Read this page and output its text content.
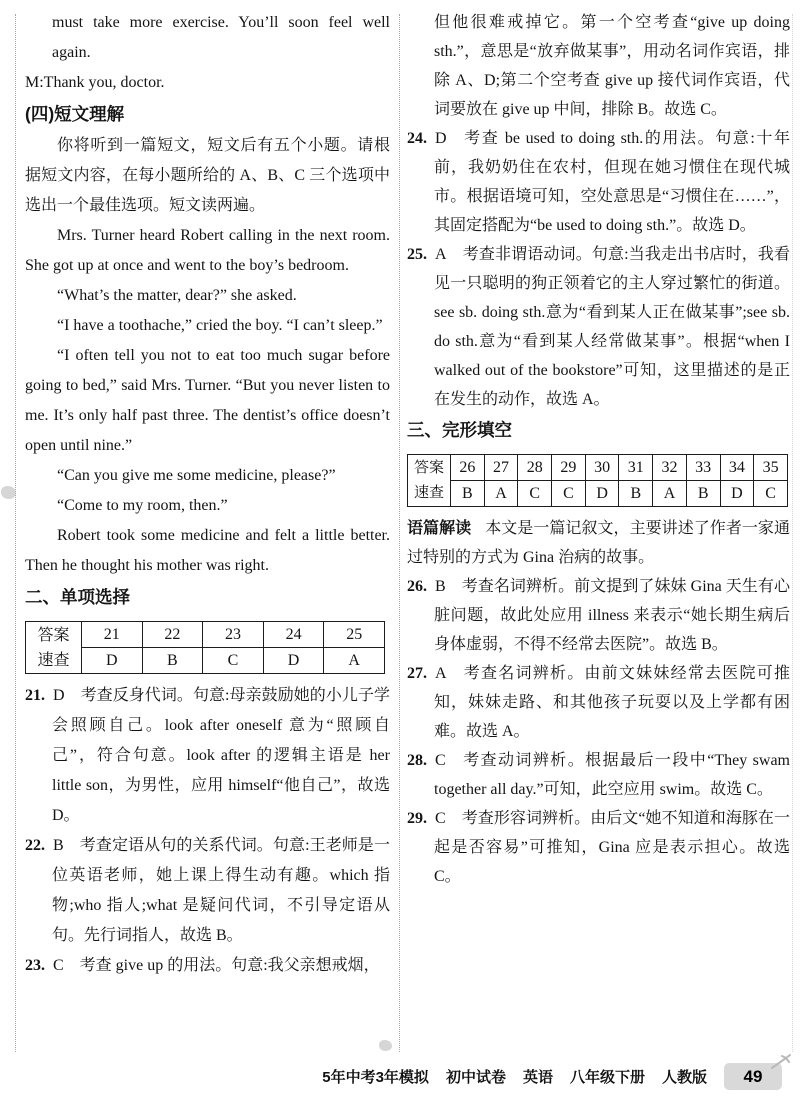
must take more exercise. You’ll soon feel well again.

M:Thank you, doctor.

(四)短文理解

你将听到一篇短文，短文后有五个小题。请根据短文内容，在每小题所给的 A、B、C 三个选项中选出一个最佳选项。短文读两遍。

Mrs. Turner heard Robert calling in the next room. She got up at once and went to the boy’s bedroom.

“What’s the matter, dear?” she asked.

“I have a toothache,” cried the boy. “I can’t sleep.”

“I often tell you not to eat too much sugar before going to bed,” said Mrs. Turner. “But you never listen to me. It’s only half past three. The dentist’s office doesn’t open until nine.”

“Can you give me some medicine, please?”

“Come to my room, then.”

Robert took some medicine and felt a little better. Then he thought his mother was right.

二、单项选择
答案
速查	21	22	23	24	25
	D	B	C	D	A

21. D 考查反身代词。句意:母亲鼓励她的小儿子学会照顾自己。look after oneself 意为“照顾自己”，符合句意。look after 的逻辑主语是 her little son，为男性，应用 himself“他自己”，故选 D。

22. B 考查定语从句的关系代词。句意:王老师是一位英语老师，她上课上得生动有趣。which 指物;who 指人;what 是疑问代词，不引导定语从句。先行词指人，故选 B。

23. C 考查 give up 的用法。句意:我父亲想戒烟，

但他很难戒掉它。第一个空考查“give up doing sth.”，意思是“放弃做某事”，用动名词作宾语，排除 A、D;第二个空考查 give up 接代词作宾语，代词要放在 give up 中间，排除 B。故选 C。

24. D 考查 be used to doing sth.的用法。句意:十年前，我奶奶住在农村，但现在她习惯住在现代城市。根据语境可知，空处意思是“习惯住在……”，其固定搭配为“be used to doing sth.”。故选 D。

25. A 考查非谓语动词。句意:当我走出书店时，我看见一只聪明的狗正领着它的主人穿过繁忙的街道。see sb. doing sth.意为“看到某人正在做某事”;see sb. do sth.意为“看到某人经常做某事”。根据“when I walked out of the bookstore”可知，这里描述的是正在发生的动作，故选 A。

三、完形填空
答案
速查	26	27	28	29	30	31	32	33	34	35
	B	A	C	C	D	B	A	B	D	C

语篇解读 本文是一篇记叙文，主要讲述了作者一家通过特别的方式为 Gina 治病的故事。

26. B 考查名词辨析。前文提到了妹妹 Gina 天生有心脏问题，故此处应用 illness 来表示“她长期生病后身体虚弱，不得不经常去医院”。故选 B。

27. A 考查名词辨析。由前文妹妹经常去医院可推知，妹妹走路、和其他孩子玩耍以及上学都有困难。故选 A。

28. C 考查动词辨析。根据最后一段中“They swam together all day.”可知，此空应用 swim。故选 C。

29. C 考查形容词辨析。由后文“她不知道和海豚在一起是否容易”可推知，Gina 应是表示担心。故选 C。

5年中考3年模拟 初中试卷 英语 八年级下册 人教版	49
